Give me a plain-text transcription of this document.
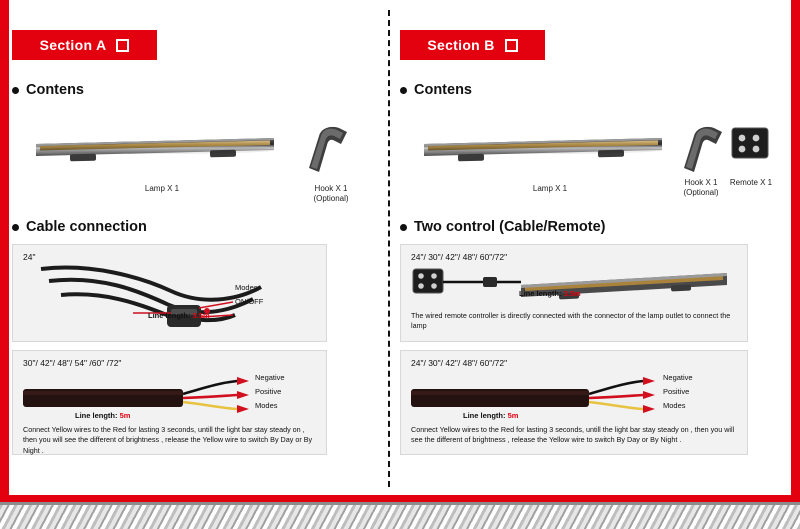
Section A
Contens
Lamp X 1	Hook X 1
(Optional)
Cable connection
24"
Line length: 3.5m
Modes
ON/OFF
30"/ 42"/ 48"/ 54" /60" /72"
Line length: 5m
Negative
Positive
Modes
Connect Yellow wires to the Red for lasting 3 seconds, untill the light bar stay steady on , then you will see the different of brightness , release the Yellow wire to switch By Day or By Night .
Section B
Contens
Lamp X 1
Hook X 1
(Optional)
Remote X 1
Two control (Cable/Remote)
24"/ 30"/ 42"/ 48"/ 60"/72"
Line length: 3.5m
The wired remote controller is directly connected with the connector of the lamp outlet to connect the lamp
24"/ 30"/ 42"/ 48"/ 60"/72"
Line length: 5m
Negative
Positive
Modes
Connect Yellow wires to the Red for lasting 3 seconds, untill the light bar stay steady on , then you will see the different of brightness , release the Yellow wire to switch By Day or By Night .
